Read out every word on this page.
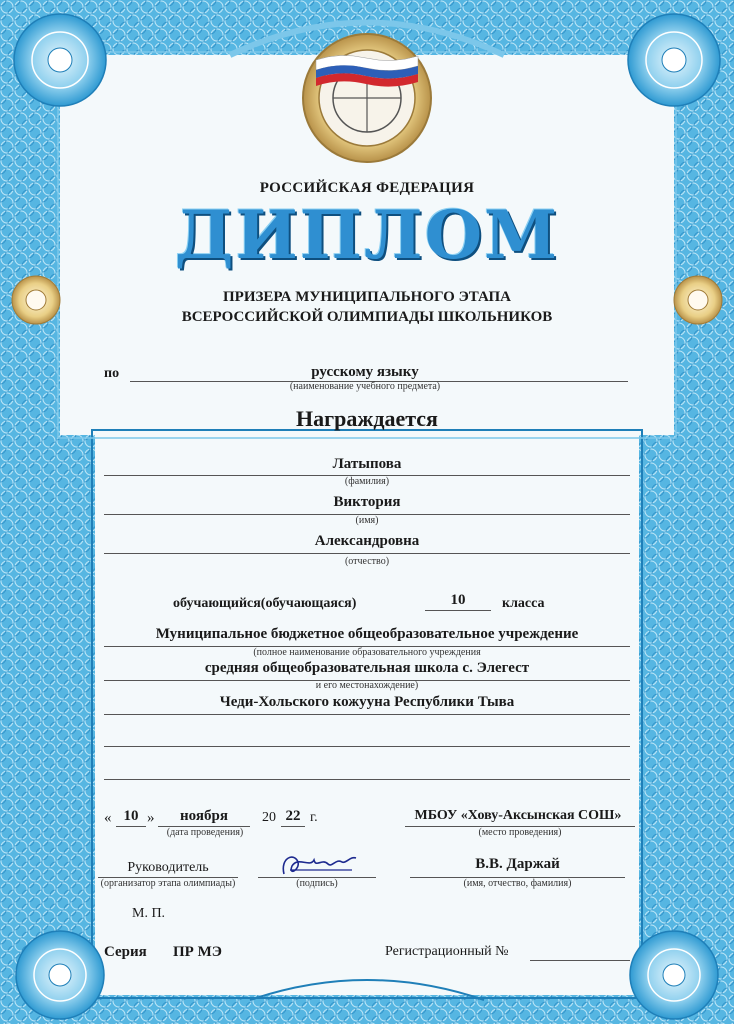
РОССИЙСКАЯ ФЕДЕРАЦИЯ
ДИПЛОМ
ПРИЗЕРА МУНИЦИПАЛЬНОГО ЭТАПА
ВСЕРОССИЙСКОЙ ОЛИМПИАДЫ ШКОЛЬНИКОВ
по	русскому языку
(наименование учебного предмета)
Награждается
Латыпова
(фамилия)
Виктория
(имя)
Александровна
(отчество)
обучающийся(обучающаяся)	10	класса
Муниципальное бюджетное общеобразовательное учреждение
(полное наименование образовательного учреждения
средняя общеобразовательная школа с. Элегест
и его местонахождение)
Чеди-Хольского кожууна Республики Тыва
« 10 »	ноября	20 22 г.
(дата проведения)
МБОУ «Хову-Аксынская СОШ»
(место проведения)
Руководитель
(организатор этапа олимпиады)	(подпись)
В.В. Даржай
(имя, отчество, фамилия)
М. П.
Серия ПР МЭ	Регистрационный №
